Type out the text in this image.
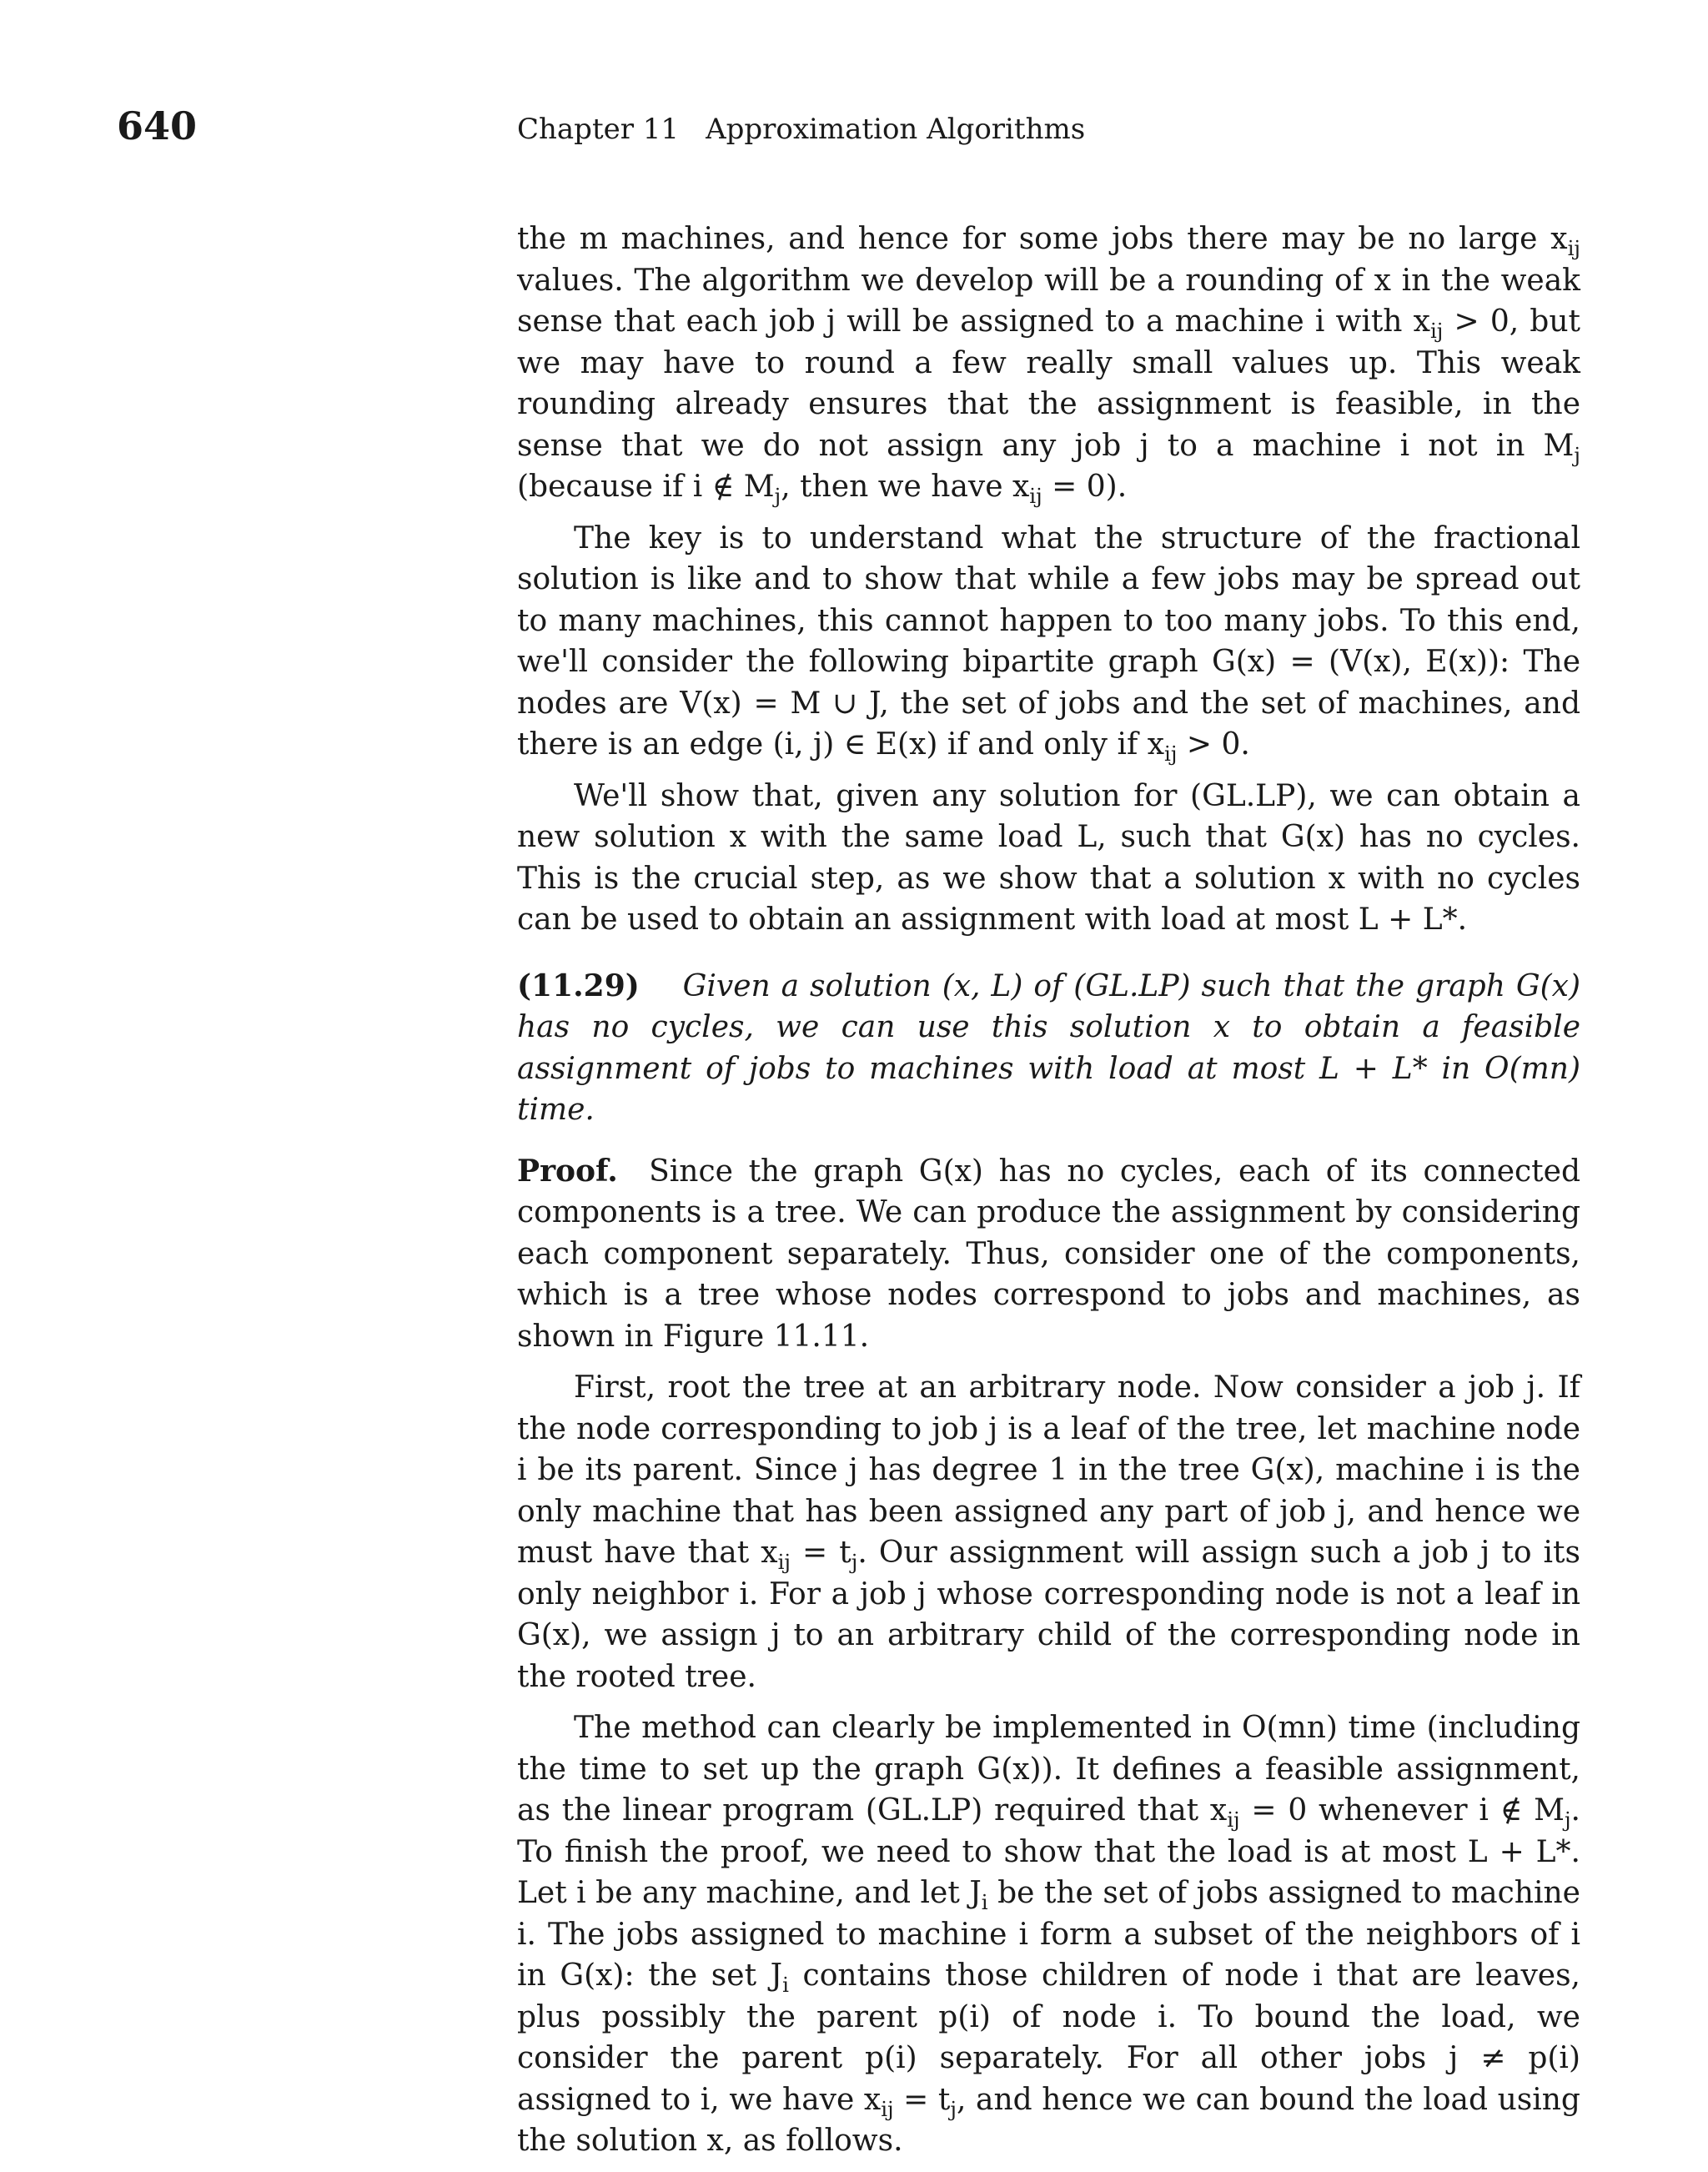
640	Chapter 11 Approximation Algorithms

the m machines, and hence for some jobs there may be no large $x_{ij}$ values. The algorithm we develop will be a rounding of x in the weak sense that each job j will be assigned to a machine i with $x_{ij} > 0$, but we may have to round a few really small values up. This weak rounding already ensures that the assignment is feasible, in the sense that we do not assign any job j to a machine i not in $M_j$ (because if i ∉ $M_j$, then we have $x_{ij} = 0$).

The key is to understand what the structure of the fractional solution is like and to show that while a few jobs may be spread out to many machines, this cannot happen to too many jobs. To this end, we'll consider the following bipartite graph G(x) = (V(x), E(x)): The nodes are V(x) = M ∪ J, the set of jobs and the set of machines, and there is an edge (i, j) ∈ E(x) if and only if $x_{ij} > 0$.

We'll show that, given any solution for (GL.LP), we can obtain a new solution x with the same load L, such that G(x) has no cycles. This is the crucial step, as we show that a solution x with no cycles can be used to obtain an assignment with load at most L + L*.

(11.29) Given a solution (x, L) of (GL.LP) such that the graph G(x) has no cycles, we can use this solution x to obtain a feasible assignment of jobs to machines with load at most L + L* in O(mn) time.

Proof. Since the graph G(x) has no cycles, each of its connected components is a tree. We can produce the assignment by considering each component separately. Thus, consider one of the components, which is a tree whose nodes correspond to jobs and machines, as shown in Figure 11.11.

First, root the tree at an arbitrary node. Now consider a job j. If the node corresponding to job j is a leaf of the tree, let machine node i be its parent. Since j has degree 1 in the tree G(x), machine i is the only machine that has been assigned any part of job j, and hence we must have that $x_{ij} = t_j$. Our assignment will assign such a job j to its only neighbor i. For a job j whose corresponding node is not a leaf in G(x), we assign j to an arbitrary child of the corresponding node in the rooted tree.

The method can clearly be implemented in O(mn) time (including the time to set up the graph G(x)). It defines a feasible assignment, as the linear program (GL.LP) required that $x_{ij} = 0$ whenever i ∉ $M_j$. To finish the proof, we need to show that the load is at most L + L*. Let i be any machine, and let $J_i$ be the set of jobs assigned to machine i. The jobs assigned to machine i form a subset of the neighbors of i in G(x): the set $J_i$ contains those children of node i that are leaves, plus possibly the parent p(i) of node i. To bound the load, we consider the parent p(i) separately. For all other jobs j ≠ p(i) assigned to i, we have $x_{ij} = t_j$, and hence we can bound the load using the solution x, as follows.
